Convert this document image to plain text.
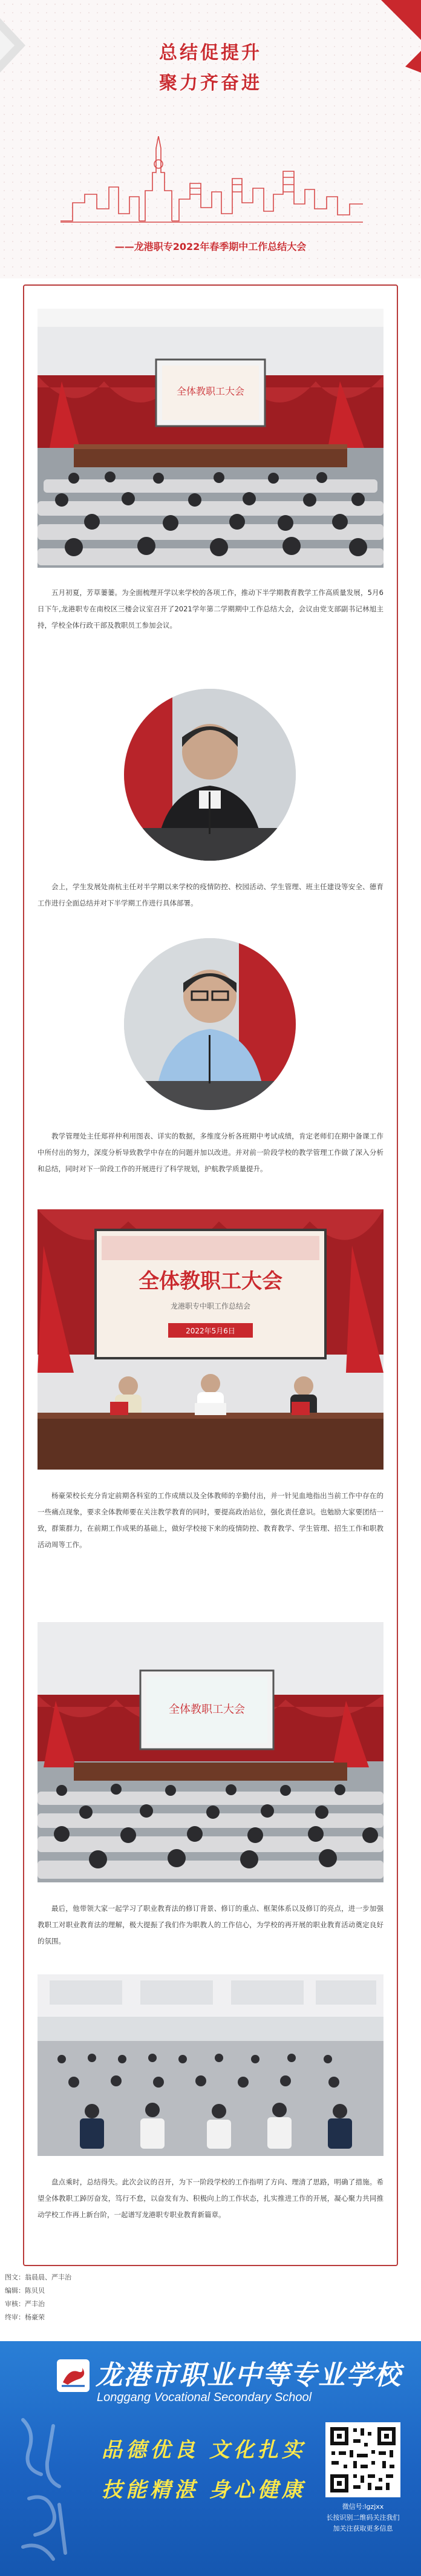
总结促提升
聚力齐奋进
——龙港职专2022年春季期中工作总结大会
全体教职工大会

五月初夏，芳草萋萋。为全面梳理开学以来学校的各项工作，推动下半学期教育教学工作高质量发展，5月6日下午,龙港职专在南校区三楼会议室召开了2021学年第二学期期中工作总结大会，会议由党支部副书记林旭主持，学校全体行政干部及教职员工参加会议。

会上，学生发展处南杭主任对半学期以来学校的疫情防控、校园活动、学生管理、班主任建设等安全、德育工作进行全面总结并对下半学期工作进行具体部署。

教学管理处主任郑祥仲利用图表、详实的数据，多维度分析各班期中考试成绩，肯定老师们在期中备课工作中所付出的努力，深度分析导致教学中存在的问题并加以改进。并对前一阶段学校的教学管理工作做了深入分析和总结，同时对下一阶段工作的开展进行了科学规划，护航教学质量提升。

全体教职工大会
龙港职专中职工作总结会
2022年5月6日

杨豪荣校长充分肯定前期各科室的工作成绩以及全体教师的辛勤付出，并一针见血地指出当前工作中存在的一些痛点现象，要求全体教师要在关注教学教育的同时，要提高政治站位，强化责任意识。也勉励大家要团结一致，群策群力，在前期工作成果的基础上，做好学校接下来的疫情防控、教育教学、学生管理、招生工作和职教活动周等工作。

全体教职工大会

最后，他带领大家一起学习了职业教育法的修订背景、修订的重点、框架体系以及修订的亮点，进一步加强教职工对职业教育法的理解，极大提振了我们作为职教人的工作信心，为学校的再开展的职业教育活动奠定良好的氛围。

盘点乘时，总结得失。此次会议的召开，为下一阶段学校的工作指明了方向、理清了思路，明确了措施。希望全体教职工踔厉奋发，笃行不怠，以奋发有为、积极向上的工作状态，扎实推进工作的开展，凝心聚力共同推动学校工作再上新台阶，一起谱写龙港职专职业教育新篇章。

图文：翁晨晨、严丰治
编辑：陈贝贝
审核：严丰治
终审：杨豪荣
龙港市职业中等专业学校
Longgang Vocational Secondary School
品德优良 文化扎实
技能精湛 身心健康
微信号:lgzjxx
长按识别二维码关注我们
加关注获取更多信息
